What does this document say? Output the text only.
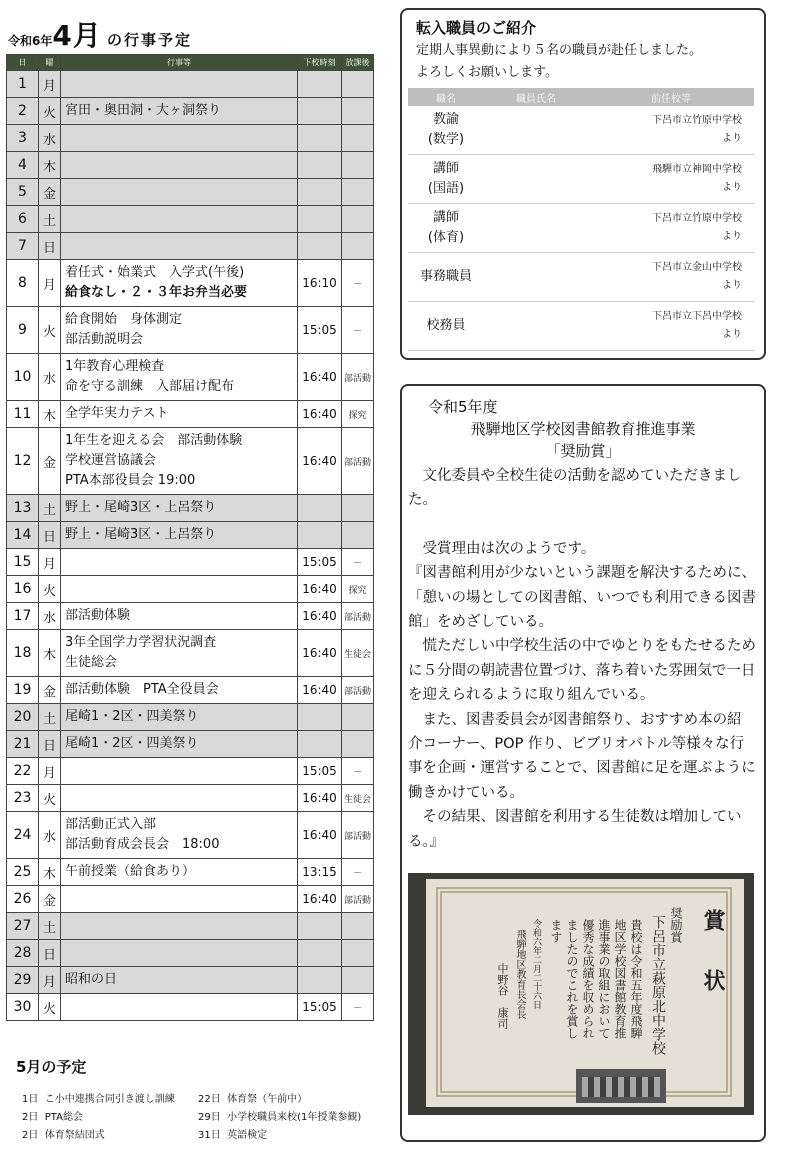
令和6年4月 の行事予定
日	曜	行事等	下校時刻	放課後
1	月			
2	火	宮田・奥田洞・大ヶ洞祭り		

3	水			
4	木			
5	金			
6	土			
7	日			
8	月	着任式・始業式　入学式(午後)
給食なし・２・３年お弁当必要	16:10	－
9	火	給食開始　身体測定
部活動説明会	15:05	－
10	水	1年教育心理検査
命を守る訓練　入部届け配布	16:40	部活動
11	木	全学年実力テスト	16:40	探究
12	金	1年生を迎える会　部活動体験
学校運営協議会
PTA本部役員会 19:00	16:40	部活動
13	土	野上・尾崎3区・上呂祭り		

14	日	野上・尾崎3区・上呂祭り		

15	月		15:05	－
16	火		16:40	探究
17	水	部活動体験	16:40	部活動
18	木	3年全国学力学習状況調査
生徒総会	16:40	生徒会
19	金	部活動体験　PTA全役員会	16:40	部活動
20	土	尾崎1・2区・四美祭り		

21	日	尾崎1・2区・四美祭り		

22	月		15:05	－
23	火		16:40	生徒会
24	水	部活動正式入部
部活動育成会長会　18:00	16:40	部活動
25	木	午前授業（給食あり）	13:15	－
26	金		16:40	部活動
27	土			
28	日			
29	月	昭和の日		

30	火		15:05	－
5月の予定
1日 こ小中連携合同引き渡し訓練
2日 PTA総会
2日 体育祭結団式
22日 体育祭（午前中）
29日 小学校職員来校(1年授業参観)
31日 英語検定
転入職員のご紹介
定期人事異動により５名の職員が赴任しました。
よろしくお願いします。
職名	職員氏名	前任校等
教諭
(数学)		下呂市立竹原中学校
より
講師
(国語)		飛騨市立神岡中学校
より
講師
(体育)		下呂市立竹原中学校
より
事務職員		下呂市立金山中学校
より
校務員		下呂市立下呂中学校
より
令和5年度
飛騨地区学校図書館教育推進事業
「奨励賞」

　文化委員や全校生徒の活動を認めていただきました。

　受賞理由は次のようです。

『図書館利用が少ないという課題を解決するために、「憩いの場としての図書館、いつでも利用できる図書館」をめざしている。

　慌ただしい中学校生活の中でゆとりをもたせるために５分間の朝読書位置づけ、落ち着いた雰囲気で一日を迎えられるように取り組んでいる。

　また、図書委員会が図書館祭り、おすすめ本の紹介コーナー、POP 作り、ビブリオバトル等様々な行事を企画・運営することで、図書館に足を運ぶように働きかけている。

　その結果、図書館を利用する生徒数は増加している。』

賞　状
奨励賞
下呂市立萩原北中学校
貴校は令和五年度飛騨
地区学校図書館教育推
進事業の取組において
優秀な成績を収められ
ましたのでこれを賞し
ます
令和六年二月二十六日
飛騨地区教育長会長
中野谷　康司
